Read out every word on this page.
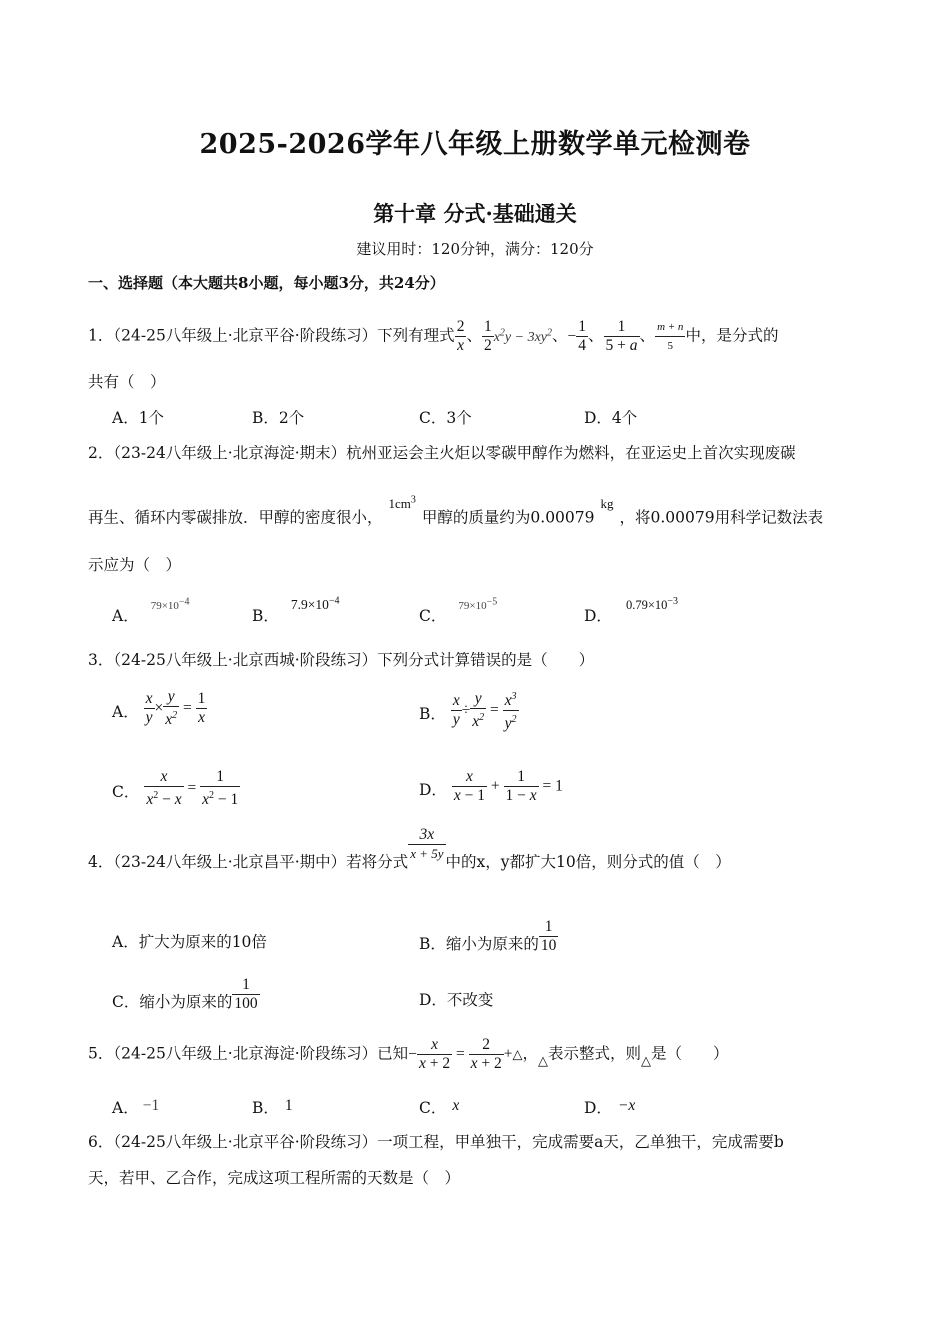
2025-2026学年八年级上册数学单元检测卷
第十章 分式·基础通关
建议用时：120分钟，满分：120分
一、选择题（本大题共8小题，每小题3分，共24分）
1．（24-25八年级上·北京平谷·阶段练习）下列有理式 $\frac{2}{x}$ 、 $\frac{1}{2} x^2y - 3xy^2$、− $\frac{1}{4}$ 、 $\frac{1}{5 + a}$ 、 $\frac{m + n}{5}$ 中，是分式的
共有（　）
A．1个	B．2个	C．3个	D．4个
2．（23-24八年级上·北京海淀·期末）杭州亚运会主火炬以零碳甲醇作为燃料，在亚运史上首次实现废碳
再生、循环内零碳排放．甲醇的密度很小，$^{1cm^3}$甲醇的质量约为$0.00079^{kg}$，将0.00079用科学记数法表
示应为（　）
A．$^{79\times 10-4}$
B．$7.9\times 10^{-4}$
C．$^{79\times 10-5}$
D．$^{0.79\times 10^{-3}}$
3．（24-25八年级上·北京西城·阶段练习）下列分式计算错误的是（　　）
A． $\frac{x}{y} \times \frac{y}{x^2} = \frac{1}{x}$	B． $\frac{x}{y} \div \frac{y}{x^2} = \frac{x^3}{y^2}$
C． $\frac{x}{x^2 - x} = \frac{1}{x^2 - 1}$	D． $\frac{x}{x - 1} + \frac{1}{1 - x} = 1$
4．（23-24八年级上·北京昌平·期中）若将分式 $\frac{3x}{x + 5y}$ 中的x，y都扩大10倍，则分式的值（　）
A．扩大为原来的10倍	B．缩小为原来的 $\frac{1}{10}$
C．缩小为原来的 $\frac{1}{100}$	D．不改变
5．（24-25八年级上·北京海淀·阶段练习）已知− $\frac{x}{x + 2} = \frac{2}{x + 2}$ +△，$_\triangle$表示整式，则$_\triangle$是（　　）
A． −1	B． 1	C． x	D． −x
6．（24-25八年级上·北京平谷·阶段练习）一项工程，甲单独干，完成需要a天，乙单独干，完成需要b
天，若甲、乙合作，完成这项工程所需的天数是（　）
